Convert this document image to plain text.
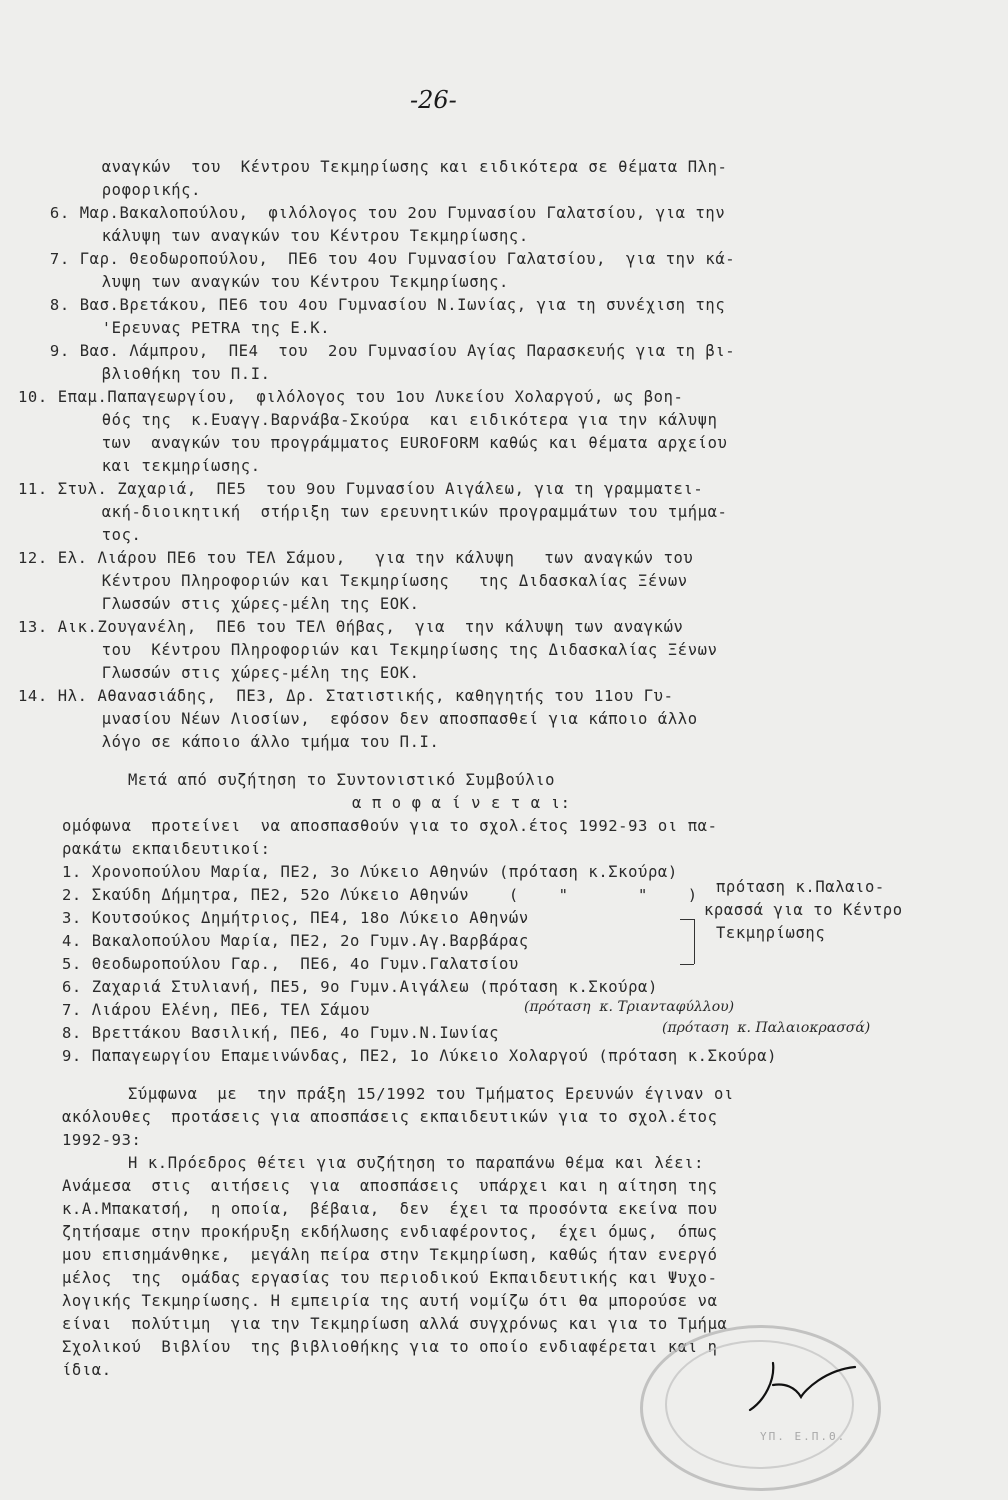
-26-
αναγκών  του  Κέντρου Τεκμηρίωσης και ειδικότερα σε θέματα Πλη-
ροφορικής.
6. Μαρ.Βακαλοπούλου,  φιλόλογος του 2ου Γυμνασίου Γαλατσίου, για την
κάλυψη των αναγκών του Κέντρου Τεκμηρίωσης.
7. Γαρ. Θεοδωροπούλου,  ΠΕ6 του 4ου Γυμνασίου Γαλατσίου,  για την κά-
λυψη των αναγκών του Κέντρου Τεκμηρίωσης.
8. Βασ.Βρετάκου, ΠΕ6 του 4ου Γυμνασίου Ν.Ιωνίας, για τη συνέχιση της
'Ερευνας PETRA της Ε.Κ.
9. Βασ. Λάμπρου,  ΠΕ4  του  2ου Γυμνασίου Αγίας Παρασκευής για τη βι-
βλιοθήκη του Π.Ι.
10. Επαμ.Παπαγεωργίου,  φιλόλογος του 1ου Λυκείου Χολαργού, ως βοη-
θός της  κ.Ευαγγ.Βαρνάβα-Σκούρα  και ειδικότερα για την κάλυψη
των  αναγκών του προγράμματος EUROFORM καθώς και θέματα αρχείου
και τεκμηρίωσης.
11. Στυλ. Ζαχαριά,  ΠΕ5  του 9ου Γυμνασίου Αιγάλεω, για τη γραμματει-
ακή-διοικητική  στήριξη των ερευνητικών προγραμμάτων του τμήμα-
τος.
12. Ελ. Λιάρου ΠΕ6 του ΤΕΛ Σάμου,   για την κάλυψη   των αναγκών του
Κέντρου Πληροφοριών και Τεκμηρίωσης   της Διδασκαλίας Ξένων
Γλωσσών στις χώρες-μέλη της ΕΟΚ.
13. Αικ.Ζουγανέλη,  ΠΕ6 του ΤΕΛ Θήβας,  για  την κάλυψη των αναγκών
του  Κέντρου Πληροφοριών και Τεκμηρίωσης της Διδασκαλίας Ξένων
Γλωσσών στις χώρες-μέλη της ΕΟΚ.
14. Ηλ. Αθανασιάδης,  ΠΕ3, Δρ. Στατιστικής, καθηγητής του 11ου Γυ-
μνασίου Νέων Λιοσίων,  εφόσον δεν αποσπασθεί για κάποιο άλλο
λόγο σε κάποιο άλλο τμήμα του Π.Ι.
Μετά από συζήτηση το Συντονιστικό Συμβούλιο
α π ο φ α ί ν ε τ α ι:
ομόφωνα  προτείνει  να αποσπασθούν για το σχολ.έτος 1992-93 οι πα-
ρακάτω εκπαιδευτικοί:
1. Χρονοπούλου Μαρία, ΠΕ2, 3ο Λύκειο Αθηνών (πρόταση κ.Σκούρα)
2. Σκαύδη Δήμητρα, ΠΕ2, 52ο Λύκειο Αθηνών    (    "       "    )
3. Κουτσούκος Δημήτριος, ΠΕ4, 18ο Λύκειο Αθηνών
4. Βακαλοπούλου Μαρία, ΠΕ2, 2ο Γυμν.Αγ.Βαρβάρας
5. Θεοδωροπούλου Γαρ.,  ΠΕ6, 4ο Γυμν.Γαλατσίου
6. Ζαχαριά Στυλιανή, ΠΕ5, 9ο Γυμν.Αιγάλεω (πρόταση κ.Σκούρα)
7. Λιάρου Ελένη, ΠΕ6, ΤΕΛ Σάμου
8. Βρεττάκου Βασιλική, ΠΕ6, 4ο Γυμν.Ν.Ιωνίας
9. Παπαγεωργίου Επαμεινώνδας, ΠΕ2, 1ο Λύκειο Χολαργού (πρόταση κ.Σκούρα)
Σύμφωνα  με  την πράξη 15/1992 του Τμήματος Ερευνών έγιναν οι
ακόλουθες  προτάσεις για αποσπάσεις εκπαιδευτικών για το σχολ.έτος
1992-93:
Η κ.Πρόεδρος θέτει για συζήτηση το παραπάνω θέμα και λέει:
Ανάμεσα  στις  αιτήσεις  για  αποσπάσεις  υπάρχει και η αίτηση της
κ.Α.Μπακατσή,  η οποία,  βέβαια,  δεν  έχει τα προσόντα εκείνα που
ζητήσαμε στην προκήρυξη εκδήλωσης ενδιαφέροντος,  έχει όμως,  όπως
μου επισημάνθηκε,  μεγάλη πείρα στην Τεκμηρίωση, καθώς ήταν ενεργό
μέλος  της  ομάδας εργασίας του περιοδικού Εκπαιδευτικής και Ψυχο-
λογικής Τεκμηρίωσης. Η εμπειρία της αυτή νομίζω ότι θα μπορούσε να
είναι  πολύτιμη  για την Τεκμηρίωση αλλά συγχρόνως και για το Τμήμα
Σχολικού  Βιβλίου  της βιβλιοθήκης για το οποίο ενδιαφέρεται και η
ίδια.
πρόταση κ.Παλαιο-
κρασσά για το Κέντρο
Τεκμηρίωσης
(πρόταση  κ. Τριανταφύλλου)
(πρόταση  κ. Παλαιοκρασσά)
ΥΠ. Ε.Π.Θ.
